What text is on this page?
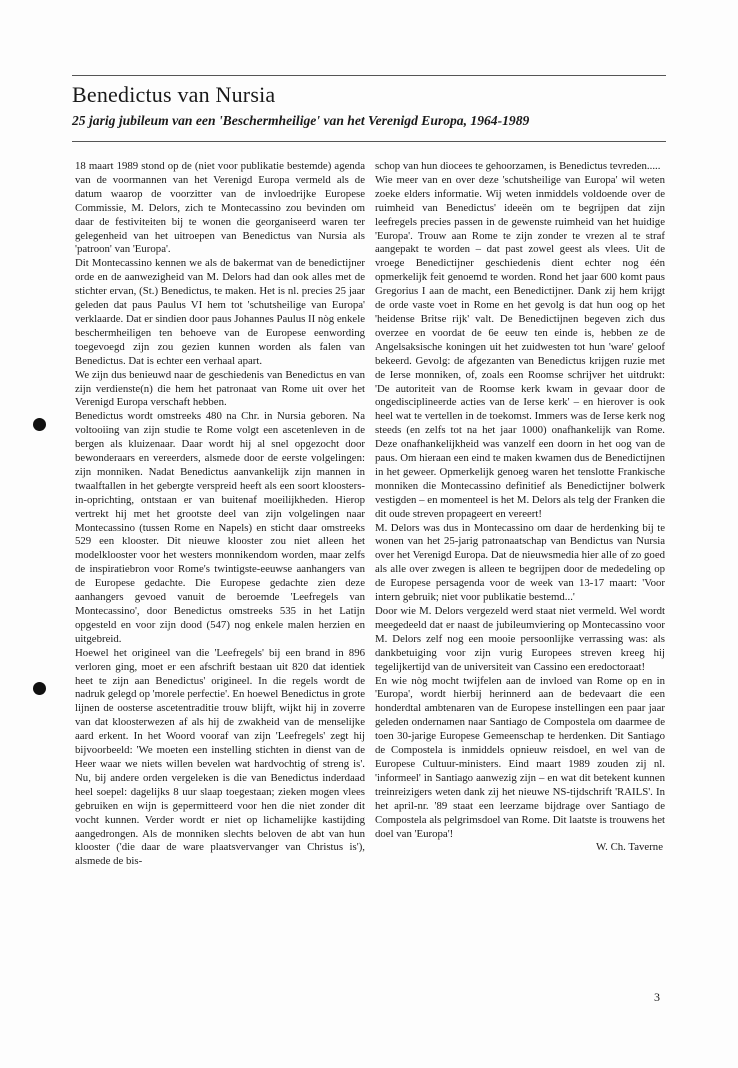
Benedictus van Nursia
25 jarig jubileum van een 'Beschermheilige' van het Verenigd Europa, 1964-1989

18 maart 1989 stond op de (niet voor publikatie bestemde) agenda van de voormannen van het Verenigd Europa vermeld als de datum waarop de voorzitter van de invloedrijke Europese Commissie, M. Delors, zich te Montecassino zou bevinden om daar de festiviteiten bij te wonen die georganiseerd waren ter gelegenheid van het uitroepen van Benedictus van Nursia als 'patroon' van 'Europa'.

Dit Montecassino kennen we als de bakermat van de benedictijner orde en de aanwezigheid van M. Delors had dan ook alles met de stichter ervan, (St.) Benedictus, te maken. Het is nl. precies 25 jaar geleden dat paus Paulus VI hem tot 'schutsheilige van Europa' verklaarde. Dat er sindien door paus Johannes Paulus II nòg enkele beschermheiligen ten behoeve van de Europese eenwording toegevoegd zijn zou gezien kunnen worden als falen van Benedictus. Dat is echter een verhaal apart.

We zijn dus benieuwd naar de geschiedenis van Benedictus en van zijn verdienste(n) die hem het patronaat van Rome uit over het Verenigd Europa verschaft hebben.

Benedictus wordt omstreeks 480 na Chr. in Nursia geboren. Na voltooiing van zijn studie te Rome volgt een ascetenleven in de bergen als kluizenaar. Daar wordt hij al snel opgezocht door bewonderaars en vereerders, alsmede door de eerste volgelingen: zijn monniken. Nadat Benedictus aanvankelijk zijn mannen in twaalftallen in het gebergte verspreid heeft als een soort kloosters-in-oprichting, ontstaan er van buitenaf moeilijkheden. Hierop vertrekt hij met het grootste deel van zijn volgelingen naar Montecassino (tussen Rome en Napels) en sticht daar omstreeks 529 een klooster. Dit nieuwe klooster zou niet alleen het modelklooster voor het westers monnikendom worden, maar zelfs de inspiratiebron voor Rome's twintigste-eeuwse aanhangers van de Europese gedachte. Die Europese gedachte zien deze aanhangers gevoed vanuit de beroemde 'Leefregels van Montecassino', door Benedictus omstreeks 535 in het Latijn opgesteld en voor zijn dood (547) nog enkele malen herzien en uitgebreid.

Hoewel het origineel van die 'Leefregels' bij een brand in 896 verloren ging, moet er een afschrift bestaan uit 820 dat identiek heet te zijn aan Benedictus' origineel. In die regels wordt de nadruk gelegd op 'morele perfectie'. En hoewel Benedictus in grote lijnen de oosterse ascetentraditie trouw blijft, wijkt hij in zoverre van dat kloosterwezen af als hij de zwakheid van de menselijke aard erkent. In het Woord vooraf van zijn 'Leefregels' zegt hij bijvoorbeeld: 'We moeten een instelling stichten in dienst van de Heer waar we niets willen bevelen wat hardvochtig of streng is'. Nu, bij andere orden vergeleken is die van Benedictus inderdaad heel soepel: dagelijks 8 uur slaap toegestaan; zieken mogen vlees gebruiken en wijn is gepermitteerd voor hen die niet zonder dit vocht kunnen. Verder wordt er niet op lichamelijke kastijding aangedrongen. Als de monniken slechts beloven de abt van hun klooster ('die daar de ware plaatsvervanger van Christus is'), alsmede de bis-

schop van hun diocees te gehoorzamen, is Benedictus tevreden.....

Wie meer van en over deze 'schutsheilige van Europa' wil weten zoeke elders informatie. Wij weten inmiddels voldoende over de ruimheid van Benedictus' ideeën om te begrijpen dat zijn leefregels precies passen in de gewenste ruimheid van het huidige 'Europa'. Trouw aan Rome te zijn zonder te vrezen al te straf aangepakt te worden – dat past zowel geest als vlees. Uit de vroege Benedictijner geschiedenis dient echter nog één opmerkelijk feit genoemd te worden. Rond het jaar 600 komt paus Gregorius I aan de macht, een Benedictijner. Dank zij hem krijgt de orde vaste voet in Rome en het gevolg is dat hun oog op het 'heidense Britse rijk' valt. De Benedictijnen begeven zich dus overzee en voordat de 6e eeuw ten einde is, hebben ze de Angelsaksische koningen uit het zuidwesten tot hun 'ware' geloof bekeerd. Gevolg: de afgezanten van Benedictus krijgen ruzie met de Ierse monniken, of, zoals een Roomse schrijver het uitdrukt: 'De autoriteit van de Roomse kerk kwam in gevaar door de ongedisciplineerde acties van de Ierse kerk' – en hierover is ook heel wat te vertellen in de toekomst. Immers was de Ierse kerk nog steeds (en zelfs tot na het jaar 1000) onafhankelijk van Rome. Deze onafhankelijkheid was vanzelf een doorn in het oog van de paus. Om hieraan een eind te maken kwamen dus de Benedictijnen in het geweer. Opmerkelijk genoeg waren het tenslotte Frankische monniken die Montecassino definitief als Benedictijner bolwerk vestigden – en momenteel is het M. Delors als telg der Franken die dit oude streven propageert en vereert!

M. Delors was dus in Montecassino om daar de herdenking bij te wonen van het 25-jarig patronaatschap van Bendictus van Nursia over het Verenigd Europa. Dat de nieuwsmedia hier alle of zo goed als alle over zwegen is alleen te begrijpen door de mededeling op de Europese persagenda voor de week van 13-17 maart: 'Voor intern gebruik; niet voor publikatie bestemd...'

Door wie M. Delors vergezeld werd staat niet vermeld. Wel wordt meegedeeld dat er naast de jubileumviering op Montecassino voor M. Delors zelf nog een mooie persoonlijke verrassing was: als dankbetuiging voor zijn vurig Europees streven kreeg hij tegelijkertijd van de universiteit van Cassino een eredoctoraat!

En wie nòg mocht twijfelen aan de invloed van Rome op en in 'Europa', wordt hierbij herinnerd aan de bedevaart die een honderdtal ambtenaren van de Europese instellingen een paar jaar geleden ondernamen naar Santiago de Compostela om daarmee de toen 30-jarige Europese Gemeenschap te herdenken. Dit Santiago de Compostela is inmiddels opnieuw reisdoel, en wel van de Europese Cultuur-ministers. Eind maart 1989 zouden zij nl. 'informeel' in Santiago aanwezig zijn – en wat dit betekent kunnen treinreizigers weten dank zij het nieuwe NS-tijdschrift 'RAILS'. In het april-nr. '89 staat een leerzame bijdrage over Santiago de Compostela als pelgrimsdoel van Rome. Dit laatste is trouwens het doel van 'Europa'!

W. Ch. Taverne

3
